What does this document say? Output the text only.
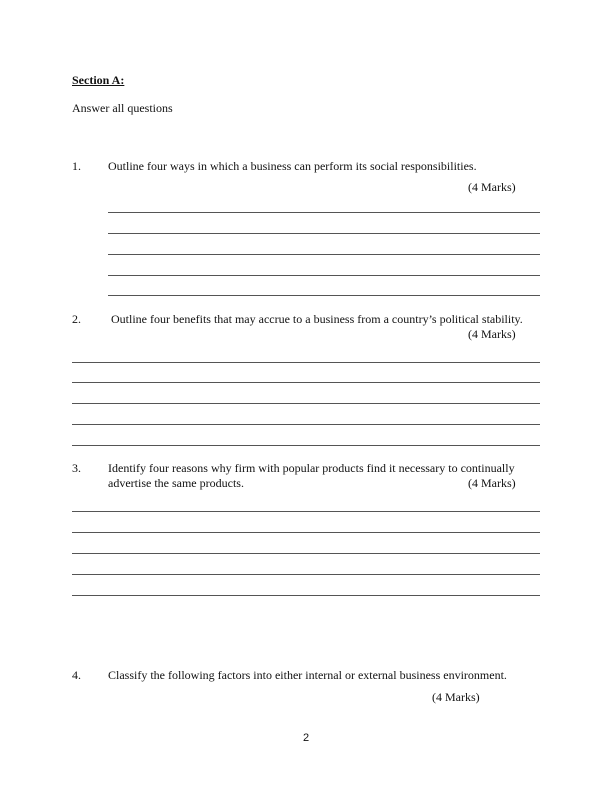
Section A:
Answer all questions
1. Outline four ways in which a business can perform its social responsibilities.
(4 Marks)
2.	Outline four benefits that may accrue to a business from a country’s political stability.
(4 Marks)
3. Identify four reasons why firm with popular products find it necessary to continually
advertise the same products.	(4 Marks)
4. Classify the following factors into either internal or external business environment.
(4 Marks)
2
